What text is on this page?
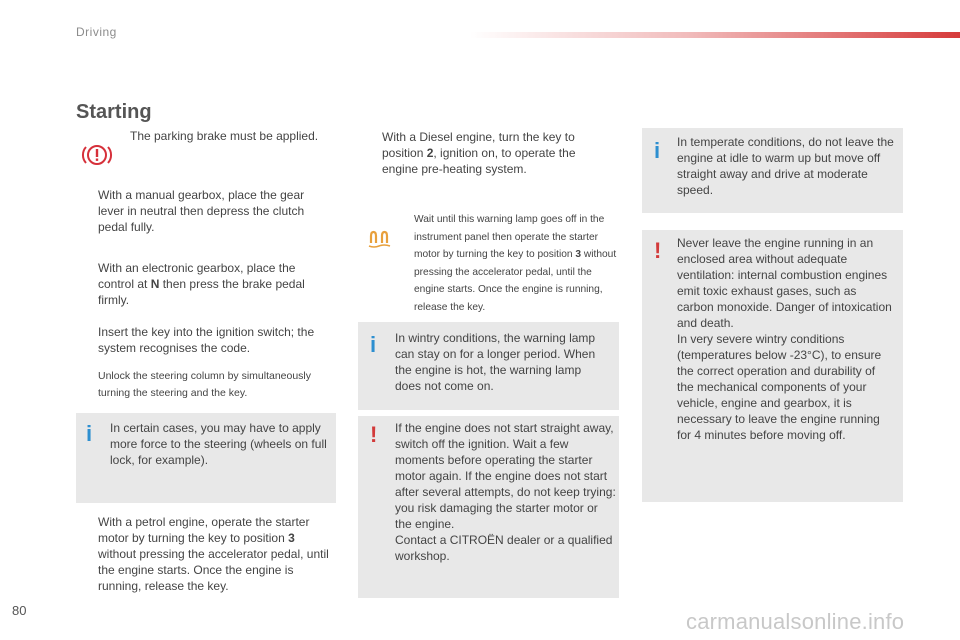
Driving
Starting
The parking brake must be applied.
With a manual gearbox, place the gear lever in neutral then depress the clutch pedal fully.
With an electronic gearbox, place the control at N then press the brake pedal firmly.
Insert the key into the ignition switch; the system recognises the code.
Unlock the steering column by simultaneously turning the steering and the key.
i In certain cases, you may have to apply more force to the steering (wheels on full lock, for example).
With a petrol engine, operate the starter motor by turning the key to position 3 without pressing the accelerator pedal, until the engine starts. Once the engine is running, release the key.
With a Diesel engine, turn the key to position 2, ignition on, to operate the engine pre-heating system.
Wait until this warning lamp goes off in the instrument panel then operate the starter motor by turning the key to position 3 without pressing the accelerator pedal, until the engine starts. Once the engine is running, release the key.
i In wintry conditions, the warning lamp can stay on for a longer period. When the engine is hot, the warning lamp does not come on.
! If the engine does not start straight away, switch off the ignition. Wait a few moments before operating the starter motor again. If the engine does not start after several attempts, do not keep trying: you risk damaging the starter motor or the engine.
Contact a CITROËN dealer or a qualified workshop.
i In temperate conditions, do not leave the engine at idle to warm up but move off straight away and drive at moderate speed.
! Never leave the engine running in an enclosed area without adequate ventilation: internal combustion engines emit toxic exhaust gases, such as carbon monoxide. Danger of intoxication and death.
In very severe wintry conditions (temperatures below -23°C), to ensure the correct operation and durability of the mechanical components of your vehicle, engine and gearbox, it is necessary to leave the engine running for 4 minutes before moving off.
80	carmanualsonline.info
